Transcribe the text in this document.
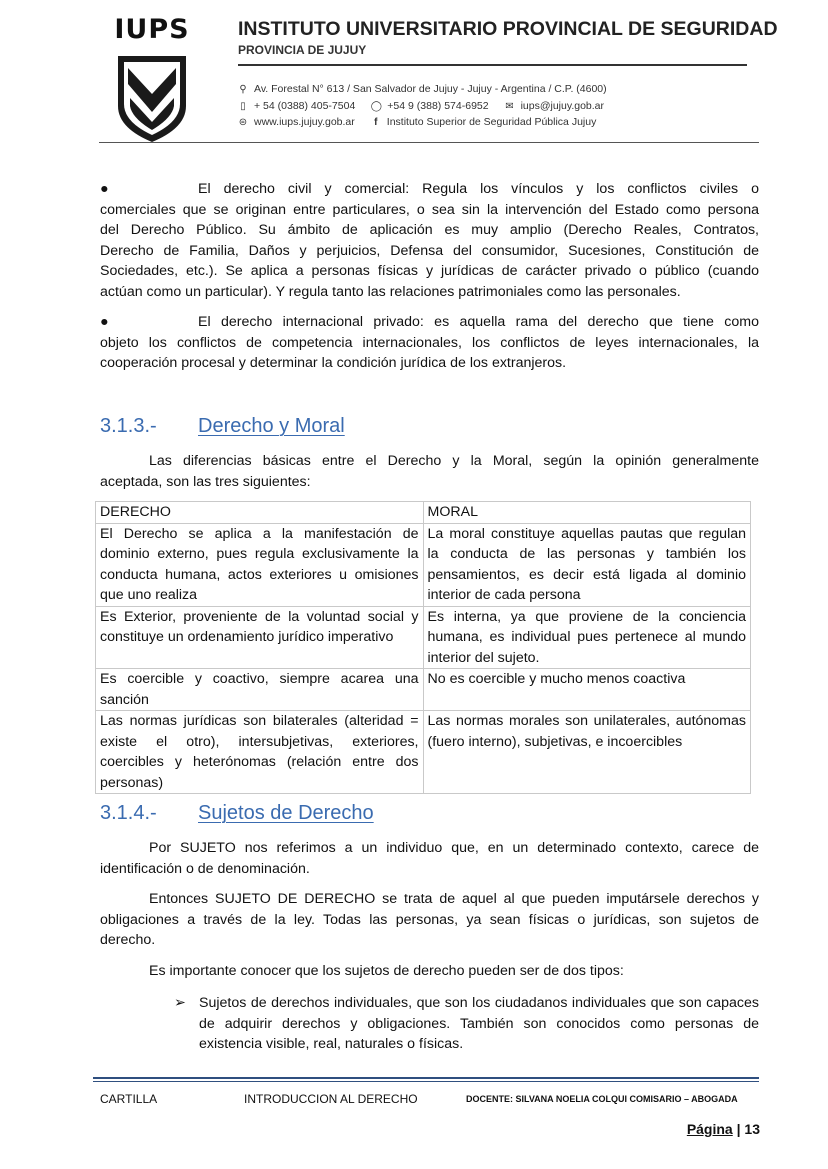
IUPS INSTITUTO UNIVERSITARIO PROVINCIAL DE SEGURIDAD
PROVINCIA DE JUJUY
⚲ Av. Forestal N° 613 / San Salvador de Jujuy - Jujuy - Argentina / C.P. (4600)
▯ + 54 (0388) 405-7504 ◯ +54 9 (388) 574-6952 ✉ iups@jujuy.gob.ar
⊜ www.iups.jujuy.gob.ar	f Instituto Superior de Seguridad Pública Jujuy
●	El derecho civil y comercial: Regula los vínculos y los conflictos civiles o
comerciales que se originan entre particulares, o sea sin la intervención del Estado como persona
del Derecho Público. Su ámbito de aplicación es muy amplio (Derecho Reales, Contratos,
Derecho de Familia, Daños y perjuicios, Defensa del consumidor, Sucesiones, Constitución de
Sociedades, etc.). Se aplica a personas físicas y jurídicas de carácter privado o público (cuando
actúan como un particular). Y regula tanto las relaciones patrimoniales como las personales.
●	El derecho internacional privado: es aquella rama del derecho que tiene como
objeto los conflictos de competencia internacionales, los conflictos de leyes internacionales, la
cooperación procesal y determinar la condición jurídica de los extranjeros.
3.1.3.- Derecho y Moral
Las diferencias básicas entre el Derecho y la Moral, según la opinión generalmente
aceptada, son las tres siguientes:
DERECHO	MORAL
El Derecho se aplica a la manifestación de dominio externo, pues regula exclusivamente la conducta humana, actos exteriores u omisiones que uno realiza	La moral constituye aquellas pautas que regulan la conducta de las personas y también los pensamientos, es decir está ligada al dominio interior de cada persona
Es Exterior, proveniente de la voluntad social y constituye un ordenamiento jurídico imperativo	Es interna, ya que proviene de la conciencia humana, es individual pues pertenece al mundo interior del sujeto.
Es coercible y coactivo, siempre acarea una sanción	No es coercible y mucho menos coactiva
Las normas jurídicas son bilaterales (alteridad = existe el otro), intersubjetivas, exteriores, coercibles y heterónomas (relación entre dos personas)	Las normas morales son unilaterales, autónomas (fuero interno), subjetivas, e incoercibles
3.1.4.- Sujetos de Derecho
Por SUJETO nos referimos a un individuo que, en un determinado contexto, carece de
identificación o de denominación.
Entonces SUJETO DE DERECHO se trata de aquel al que pueden imputársele derechos y
obligaciones a través de la ley. Todas las personas, ya sean físicas o jurídicas, son sujetos de
derecho.
Es importante conocer que los sujetos de derecho pueden ser de dos tipos:
➢ Sujetos de derechos individuales, que son los ciudadanos individuales que son capaces de adquirir derechos y obligaciones. También son conocidos como personas de existencia visible, real, naturales o físicas.
CARTILLA	INTRODUCCION AL DERECHO	DOCENTE: SILVANA NOELIA COLQUI COMISARIO – ABOGADA
Página | 13
